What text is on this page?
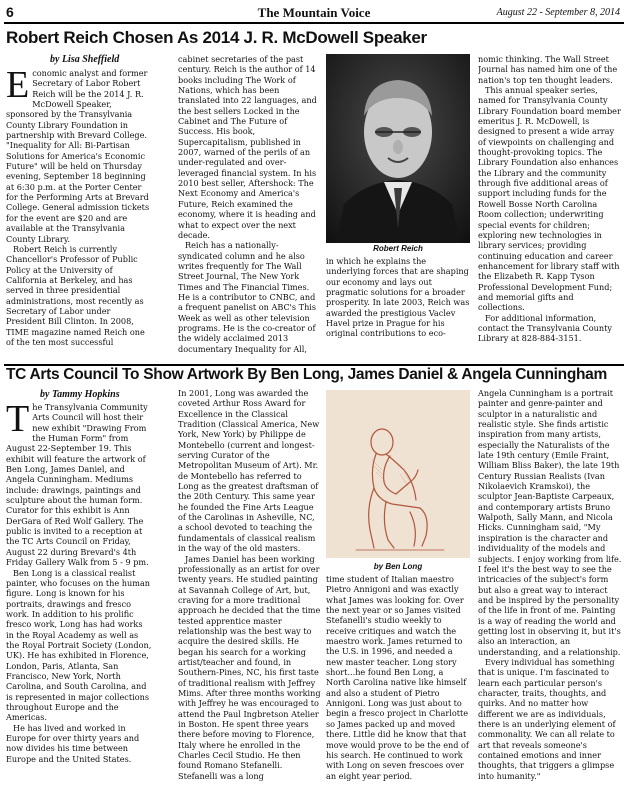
6	The Mountain Voice	August 22 - September 8, 2014
Robert Reich Chosen As 2014 J. R. McDowell Speaker
by Lisa Sheffield

Economic analyst and former Secretary of Labor Robert Reich will be the 2014 J. R. McDowell Speaker, sponsored by the Transylvania County Library Foundation in partnership with Brevard College. "Inequality for All: Bi-Partisan Solutions for America's Economic Future" will be held on Thursday evening, September 18 beginning at 6:30 p.m. at the Porter Center for the Performing Arts at Brevard College. General admission tickets for the event are $20 and are available at the Transylvania County Library.

Robert Reich is currently Chancellor's Professor of Public Policy at the University of California at Berkeley, and has served in three presidential administrations, most recently as Secretary of Labor under President Bill Clinton. In 2008, TIME magazine named Reich one of the ten most successful

cabinet secretaries of the past century. Reich is the author of 14 books including The Work of Nations, which has been translated into 22 languages, and the best sellers Locked in the Cabinet and The Future of Success. His book, Supercapitalism, published in 2007, warned of the perils of an under-regulated and over-leveraged financial system. In his 2010 best seller, Aftershock: The Next Economy and America's Future, Reich examined the economy, where it is heading and what to expect over the next decade.

Reich has a nationally-syndicated column and he also writes frequently for The Wall Street Journal, The New York Times and The Financial Times. He is a contributor to CNBC, and a frequent panelist on ABC's This Week as well as other television programs. He is the co-creator of the widely acclaimed 2013 documentary Inequality for All,

Robert Reich

in which he explains the underlying forces that are shaping our economy and lays out pragmatic solutions for a broader prosperity. In late 2003, Reich was awarded the prestigious Vaclev Havel prize in Prague for his original contributions to eco-

nomic thinking. The Wall Street Journal has named him one of the nation's top ten thought leaders.

This annual speaker series, named for Transylvania County Library Foundation board member emeritus J. R. McDowell, is designed to present a wide array of viewpoints on challenging and thought-provoking topics. The Library Foundation also enhances the Library and the community through five additional areas of support including funds for the Rowell Bosse North Carolina Room collection; underwriting special events for children; exploring new technologies in library services; providing continuing education and career enhancement for library staff with the Elizabeth R. Kapp Tyson Professional Development Fund; and memorial gifts and collections.

For additional information, contact the Transylvania County Library at 828-884-3151.

TC Arts Council To Show Artwork By Ben Long, James Daniel & Angela Cunningham
by Tammy Hopkins

The Transylvania Community Arts Council will host their new exhibit "Drawing From the Human Form" from August 22-September 19. This exhibit will feature the artwork of Ben Long, James Daniel, and Angela Cunningham. Mediums include: drawings, paintings and sculpture about the human form. Curator for this exhibit is Ann DerGara of Red Wolf Gallery. The public is invited to a reception at the TC Arts Council on Friday, August 22 during Brevard's 4th Friday Gallery Walk from 5 - 9 pm.

Ben Long is a classical realist painter, who focuses on the human figure. Long is known for his portraits, drawings and fresco work. In addition to his prolific fresco work, Long has had works in the Royal Academy as well as the Royal Portrait Society (London, UK). He has exhibited in Florence, London, Paris, Atlanta, San Francisco, New York, North Carolina, and South Carolina, and is represented in major collections throughout Europe and the Americas.

He has lived and worked in Europe for over thirty years and now divides his time between Europe and the United States.

In 2001, Long was awarded the coveted Arthur Ross Award for Excellence in the Classical Tradition (Classical America, New York, New York) by Philippe de Montebello (current and longest-serving Curator of the Metropolitan Museum of Art). Mr. de Montebello has referred to Long as the greatest draftsman of the 20th Century. This same year he founded the Fine Arts League of the Carolinas in Asheville, NC, a school devoted to teaching the fundamentals of classical realism in the way of the old masters.

James Daniel has been working professionally as an artist for over twenty years. He studied painting at Savannah College of Art, but, craving for a more traditional approach he decided that the time tested apprentice master relationship was the best way to acquire the desired skills. He began his search for a working artist/teacher and found, in Southern-Pines, NC, his first taste of traditional realism with Jeffrey Mims. After three months working with Jeffrey he was encouraged to attend the Paul Ingbretson Atelier in Boston. He spent three years there before moving to Florence, Italy where he enrolled in the Charles Cecil Studio. He then found Romano Stefanelli. Stefanelli was a long

by Ben Long

time student of Italian maestro Pietro Annigoni and was exactly what James was looking for. Over the next year or so James visited Stefanelli's studio weekly to receive critiques and watch the maestro work. James returned to the U.S. in 1996, and needed a new master teacher. Long story short...he found Ben Long, a North Carolina native like himself and also a student of Pietro Annigoni. Long was just about to begin a fresco project in Charlotte so James packed up and moved there. Little did he know that that move would prove to be the end of his search. He continued to work with Long on seven frescoes over an eight year period.

Angela Cunningham is a portrait painter and genre-painter and sculptor in a naturalistic and realistic style. She finds artistic inspiration from many artists, especially the Naturalists of the late 19th century (Emile Fraint, William Bliss Baker), the late 19th Century Russian Realists (Ivan Nikolaevich Kramskoi), the sculptor Jean-Baptiste Carpeaux, and contemporary artists Bruno Walpoth, Sally Mann, and Nicola Hicks. Cunningham said, "My inspiration is the character and individuality of the models and subjects. I enjoy working from life. I feel it's the best way to see the intricacies of the subject's form but also a great way to interact and be inspired by the personality of the life in front of me. Painting is a way of reading the world and getting lost in observing it, but it's also an interaction, an understanding, and a relationship.

Every individual has something that is unique. I'm fascinated to learn each particular person's character, traits, thoughts, and quirks. And no matter how different we are as individuals, there is an underlying element of commonality. We can all relate to art that reveals someone's contained emotions and inner thoughts, that triggers a glimpse into humanity."
